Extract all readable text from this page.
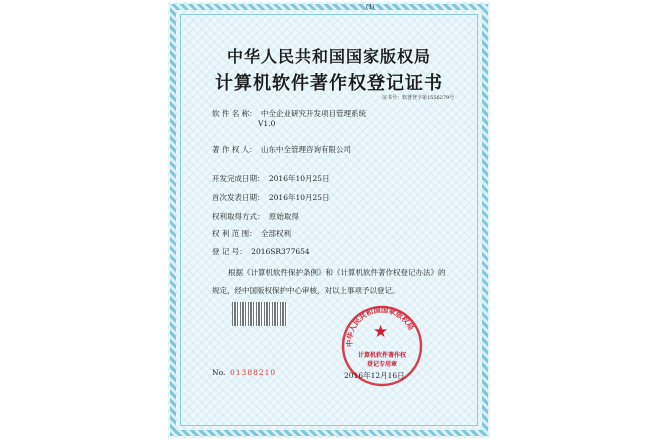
(1)
中华人民共和国国家版权局
计算机软件著作权登记证书
证书号：软著登字第1556279号
软 件 名 称： 中全企业研究开发项目管理系统
V1.0
著 作 权 人： 山东中全管理咨询有限公司
开发完成日期： 2016年10月25日
首次发表日期： 2016年10月25日
权利取得方式： 原始取得
权 利 范 围： 全部权利
登 记 号： 2016SR377654
根据《计算机软件保护条例》和《计算机软件著作权登记办法》的
规定，经中国版权保护中心审核，对以上事项予以登记。
中华人民共和国国家版权局
★
计算机软件著作权
登记专用章
No. 01388210	2016年12月16日
